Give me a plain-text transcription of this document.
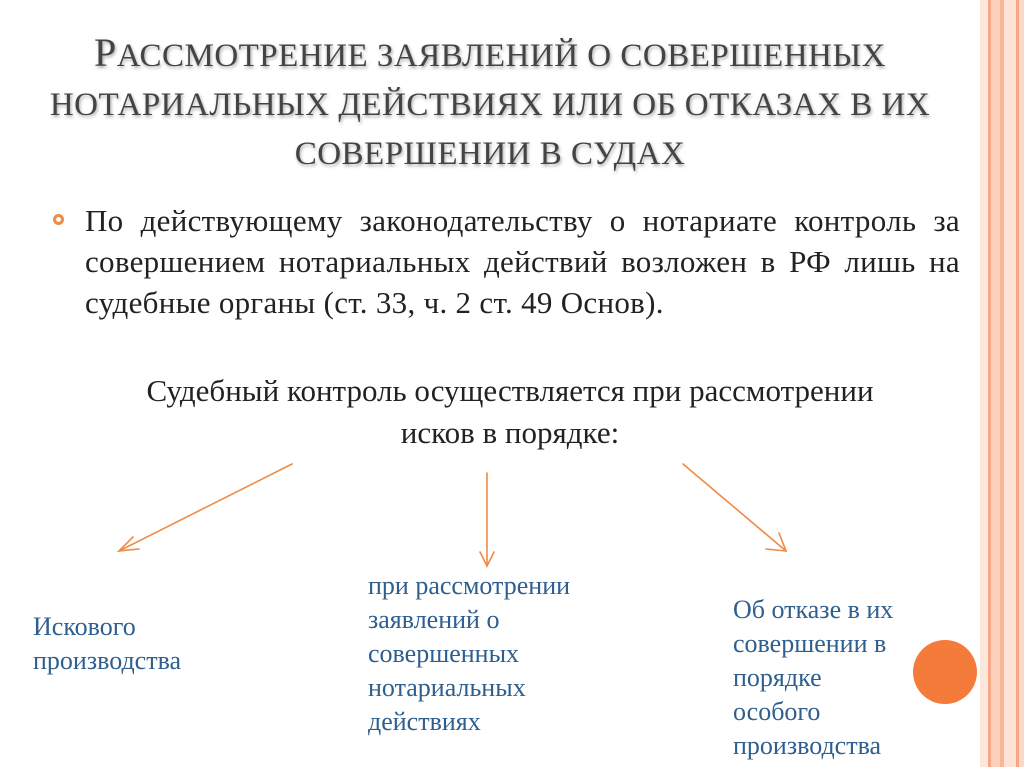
РАССМОТРЕНИЕ ЗАЯВЛЕНИЙ О СОВЕРШЕННЫХ НОТАРИАЛЬНЫХ ДЕЙСТВИЯХ ИЛИ ОБ ОТКАЗАХ В ИХ СОВЕРШЕНИИ В СУДАХ
По действующему законодательству о нотариате контроль за совершением нотариальных действий возложен в РФ лишь на судебные органы (ст. 33, ч. 2 ст. 49 Основ).
Судебный контроль осуществляется при рассмотрении
исков в порядке:
Искового
производства
при рассмотрении
заявлений о
совершенных
нотариальных
действиях
Об отказе в их
совершении в
порядке
особого
производства
